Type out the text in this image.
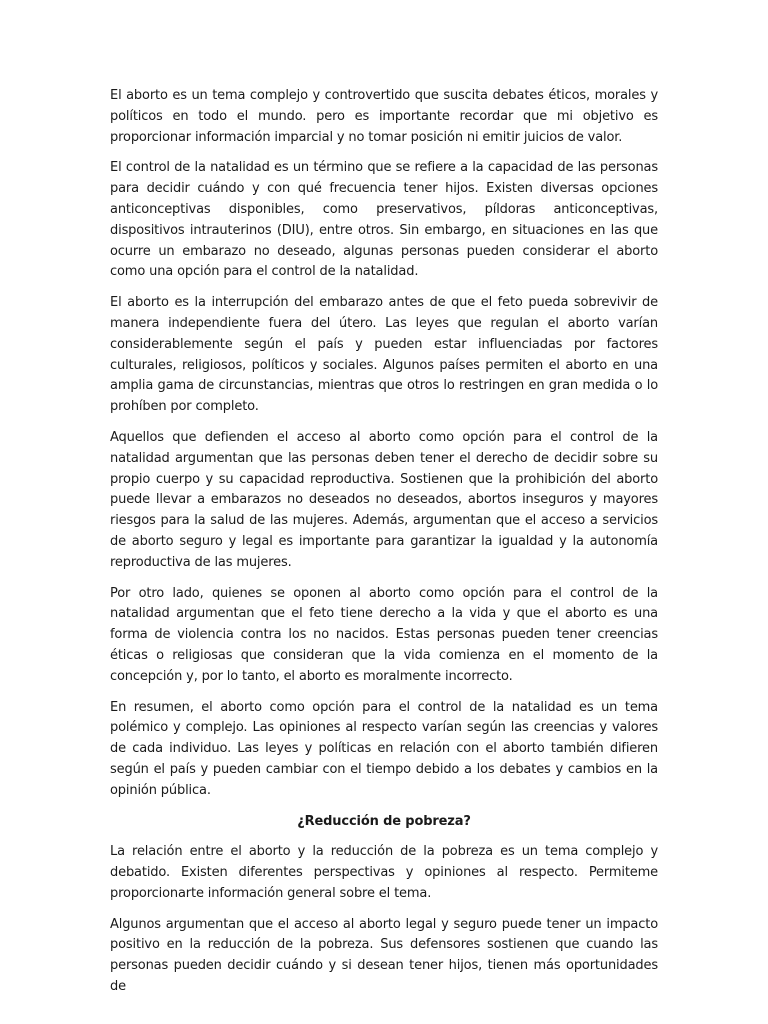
El aborto es un tema complejo y controvertido que suscita debates éticos, morales y políticos en todo el mundo. pero es importante recordar que mi objetivo es proporcionar información imparcial y no tomar posición ni emitir juicios de valor.

El control de la natalidad es un término que se refiere a la capacidad de las personas para decidir cuándo y con qué frecuencia tener hijos. Existen diversas opciones anticonceptivas disponibles, como preservativos, píldoras anticonceptivas, dispositivos intrauterinos (DIU), entre otros. Sin embargo, en situaciones en las que ocurre un embarazo no deseado, algunas personas pueden considerar el aborto como una opción para el control de la natalidad.

El aborto es la interrupción del embarazo antes de que el feto pueda sobrevivir de manera independiente fuera del útero. Las leyes que regulan el aborto varían considerablemente según el país y pueden estar influenciadas por factores culturales, religiosos, políticos y sociales. Algunos países permiten el aborto en una amplia gama de circunstancias, mientras que otros lo restringen en gran medida o lo prohíben por completo.

Aquellos que defienden el acceso al aborto como opción para el control de la natalidad argumentan que las personas deben tener el derecho de decidir sobre su propio cuerpo y su capacidad reproductiva. Sostienen que la prohibición del aborto puede llevar a embarazos no deseados no deseados, abortos inseguros y mayores riesgos para la salud de las mujeres. Además, argumentan que el acceso a servicios de aborto seguro y legal es importante para garantizar la igualdad y la autonomía reproductiva de las mujeres.

Por otro lado, quienes se oponen al aborto como opción para el control de la natalidad argumentan que el feto tiene derecho a la vida y que el aborto es una forma de violencia contra los no nacidos. Estas personas pueden tener creencias éticas o religiosas que consideran que la vida comienza en el momento de la concepción y, por lo tanto, el aborto es moralmente incorrecto.

En resumen, el aborto como opción para el control de la natalidad es un tema polémico y complejo. Las opiniones al respecto varían según las creencias y valores de cada individuo. Las leyes y políticas en relación con el aborto también difieren según el país y pueden cambiar con el tiempo debido a los debates y cambios en la opinión pública.

¿Reducción de pobreza?

La relación entre el aborto y la reducción de la pobreza es un tema complejo y debatido. Existen diferentes perspectivas y opiniones al respecto. Permiteme proporcionarte información general sobre el tema.

Algunos argumentan que el acceso al aborto legal y seguro puede tener un impacto positivo en la reducción de la pobreza. Sus defensores sostienen que cuando las personas pueden decidir cuándo y si desean tener hijos, tienen más oportunidades de
